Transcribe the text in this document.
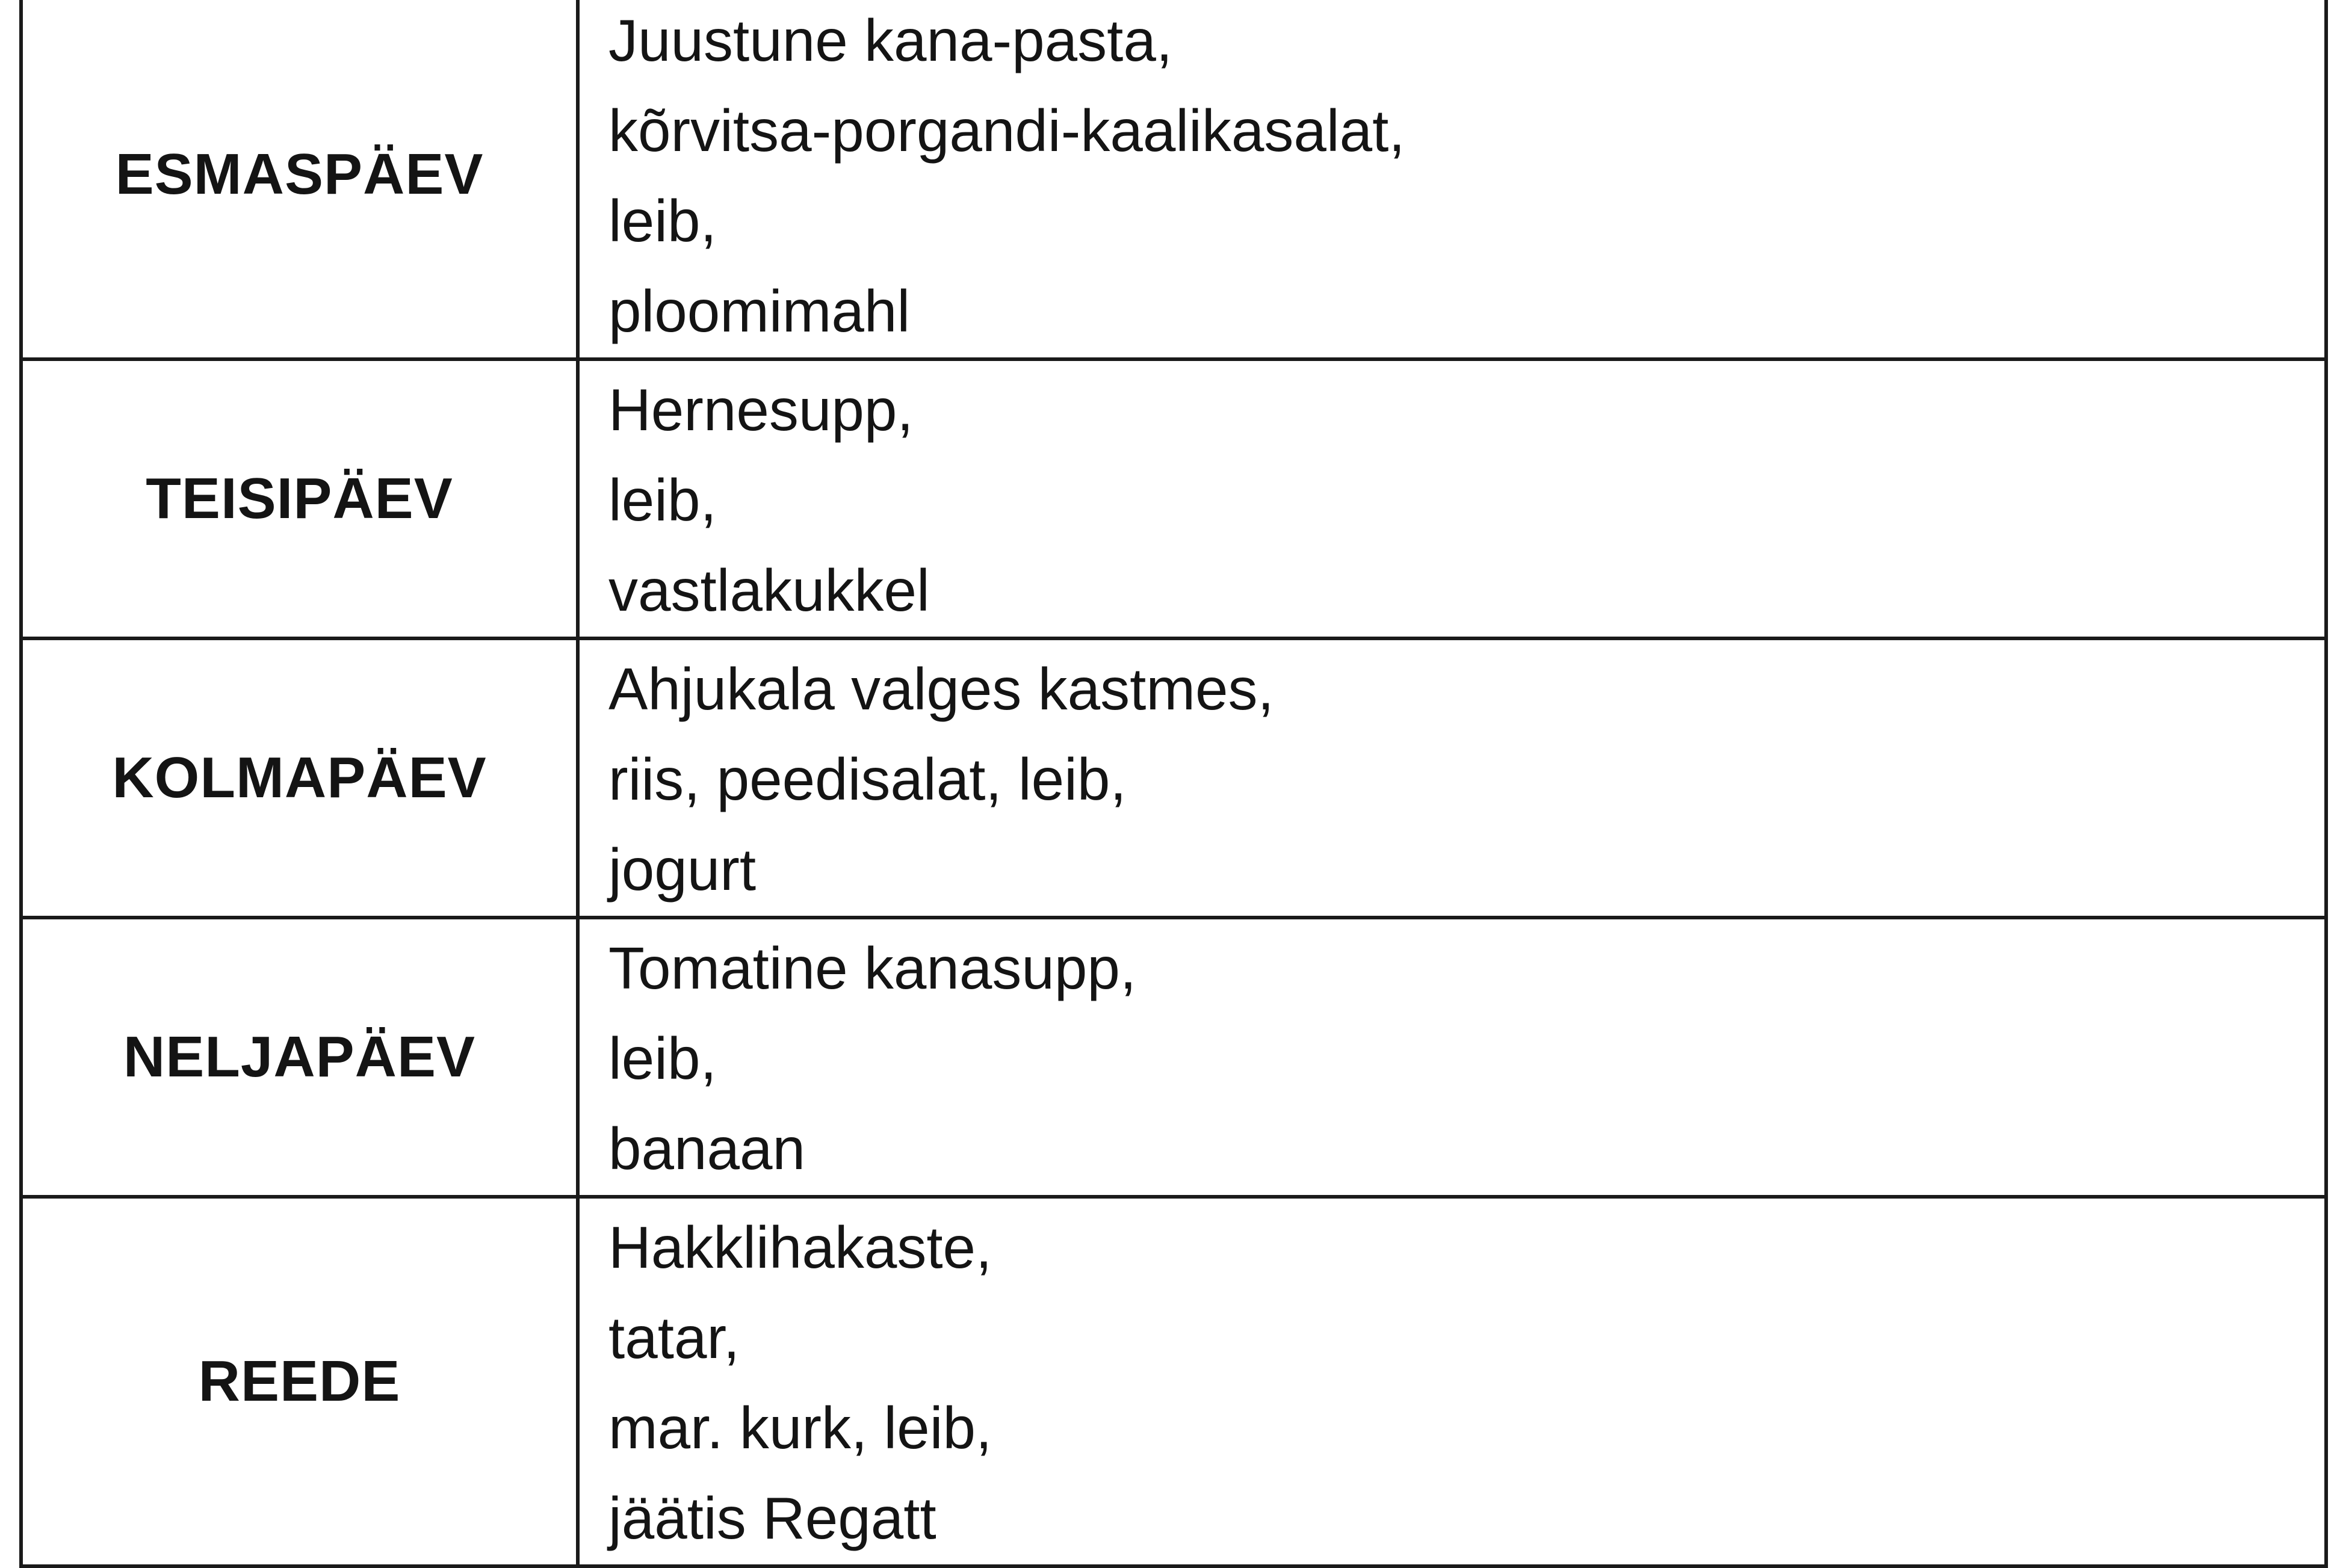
ESMASPÄEV	Juustune kana-pasta,
kõrvitsa-porgandi-kaalikasalat,
leib,
ploomimahl

TEISIPÄEV	Hernesupp,
leib,
vastlakukkel

KOLMAPÄEV	Ahjukala valges kastmes,
riis, peedisalat, leib,
jogurt

NELJAPÄEV	Tomatine kanasupp,
leib,
banaan

REEDE	Hakklihakaste,
tatar,
mar. kurk, leib,
jäätis Regatt
